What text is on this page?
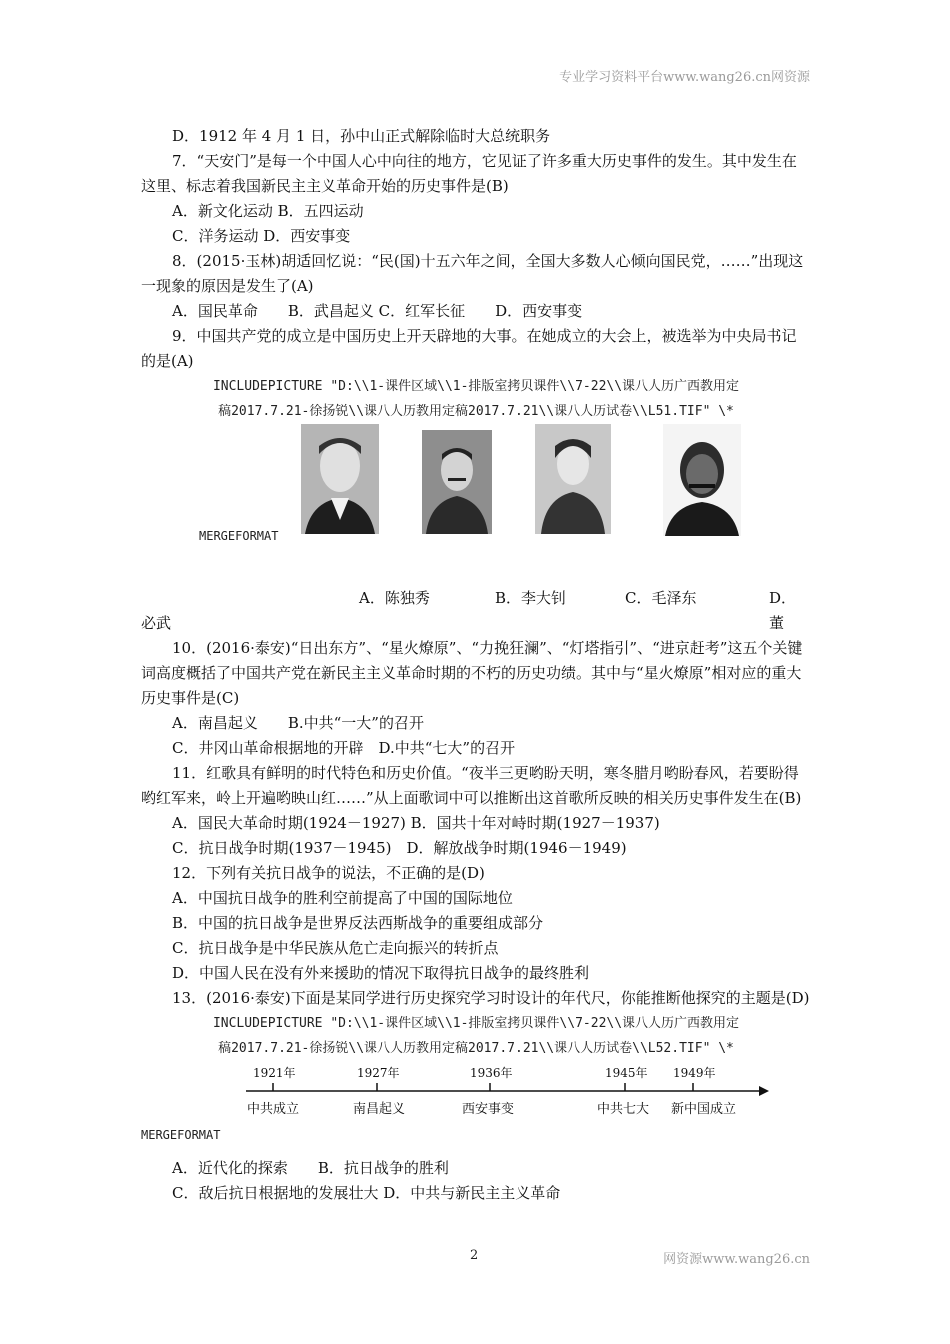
专业学习资料平台www.wang26.cn网资源

D．1912 年 4 月 1 日，孙中山正式解除临时大总统职务

7．“天安门”是每一个中国人心中向往的地方，它见证了许多重大历史事件的发生。其中发生在这里、标志着我国新民主主义革命开始的历史事件是(B)

A．新文化运动 B．五四运动

C．洋务运动 D．西安事变

8．(2015·玉林)胡适回忆说：“民(国)十五六年之间，全国大多数人心倾向国民党，……”出现这一现象的原因是发生了(A)

A．国民革命　　B．武昌起义 C．红军长征　　D．西安事变

9．中国共产党的成立是中国历史上开天辟地的大事。在她成立的大会上，被选举为中央局书记的是(A)

INCLUDEPICTURE "D:\\1-课件区域\\1-排版室拷贝课件\\7-22\\课八人历广西教用定

稿2017.7.21-徐扬锐\\课八人历教用定稿2017.7.21\\课八人历试卷\\L51.TIF" \*

MERGEFORMAT
A．陈独秀	B．李大钊	C．毛泽东	D．董

必武

10．(2016·泰安)“日出东方”、“星火燎原”、“力挽狂澜”、“灯塔指引”、“进京赶考”这五个关键词高度概括了中国共产党在新民主主义革命时期的不朽的历史功绩。其中与“星火燎原”相对应的重大历史事件是(C)

A．南昌起义　　B.中共“一大”的召开

C．井冈山革命根据地的开辟　D.中共“七大”的召开

11．红歌具有鲜明的时代特色和历史价值。“夜半三更哟盼天明，寒冬腊月哟盼春风，若要盼得哟红军来，岭上开遍哟映山红……”从上面歌词中可以推断出这首歌所反映的相关历史事件发生在(B)

A．国民大革命时期(1924－1927) B．国共十年对峙时期(1927－1937)

C．抗日战争时期(1937－1945)　D．解放战争时期(1946－1949)

12．下列有关抗日战争的说法，不正确的是(D)

A．中国抗日战争的胜利空前提高了中国的国际地位

B．中国的抗日战争是世界反法西斯战争的重要组成部分

C．抗日战争是中华民族从危亡走向振兴的转折点

D．中国人民在没有外来援助的情况下取得抗日战争的最终胜利

13．(2016·泰安)下面是某同学进行历史探究学习时设计的年代尺，你能推断他探究的主题是(D)

INCLUDEPICTURE "D:\\1-课件区域\\1-排版室拷贝课件\\7-22\\课八人历广西教用定

稿2017.7.21-徐扬锐\\课八人历教用定稿2017.7.21\\课八人历试卷\\L52.TIF" \*

1921年	1927年	1936年	1945年 1949年
中共成立	南昌起义	西安事变	中共七大 新中国成立

MERGEFORMAT

A．近代化的探索　　B．抗日战争的胜利

C．敌后抗日根据地的发展壮大 D．中共与新民主主义革命

2	网资源www.wang26.cn
